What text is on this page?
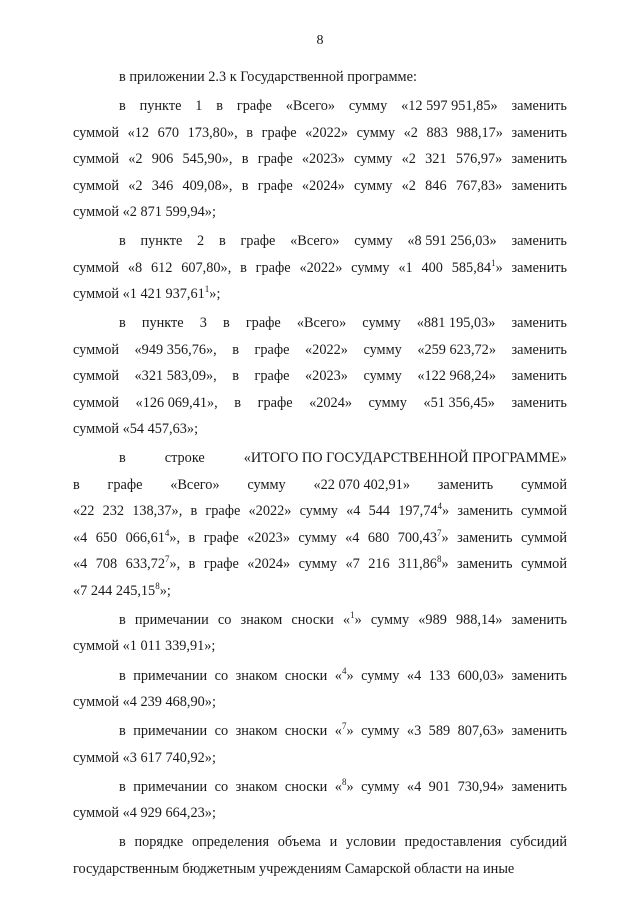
8
в приложении 2.3 к Государственной программе:
в пункте 1 в графе «Всего» сумму «12 597 951,85» заменить
суммой «12 670 173,80», в графе «2022» сумму «2 883 988,17» заменить
суммой «2 906 545,90», в графе «2023» сумму «2 321 576,97» заменить
суммой «2 346 409,08», в графе «2024» сумму «2 846 767,83» заменить
суммой «2 871 599,94»;
в пункте 2 в графе «Всего» сумму «8 591 256,03» заменить
суммой «8 612 607,80», в графе «2022» сумму «1 400 585,84$^1$» заменить
суммой «1 421 937,61$^1$»;
в пункте 3 в графе «Всего» сумму «881 195,03» заменить
суммой «949 356,76», в графе «2022» сумму «259 623,72» заменить
суммой «321 583,09», в графе «2023» сумму «122 968,24» заменить
суммой «126 069,41», в графе «2024» сумму «51 356,45» заменить
суммой «54 457,63»;
в	строке	«ИТОГО ПО ГОСУДАРСТВЕННОЙ ПРОГРАММЕ»
в графе «Всего» сумму «22 070 402,91» заменить суммой
«22 232 138,37», в графе «2022» сумму «4 544 197,74$^4$» заменить суммой
«4 650 066,61$^4$», в графе «2023» сумму «4 680 700,43$^7$» заменить суммой
«4 708 633,72$^7$», в графе «2024» сумму «7 216 311,86$^8$» заменить суммой
«7 244 245,15$^8$»;
в примечании со знаком сноски «$^1$» сумму «989 988,14» заменить
суммой «1 011 339,91»;
в примечании со знаком сноски «$^4$» сумму «4 133 600,03» заменить
суммой «4 239 468,90»;
в примечании со знаком сноски «$^7$» сумму «3 589 807,63» заменить
суммой «3 617 740,92»;
в примечании со знаком сноски «$^8$» сумму «4 901 730,94» заменить
суммой «4 929 664,23»;
в порядке определения объема и условии предоставления субсидий
государственным бюджетным учреждениям Самарской области на иные
